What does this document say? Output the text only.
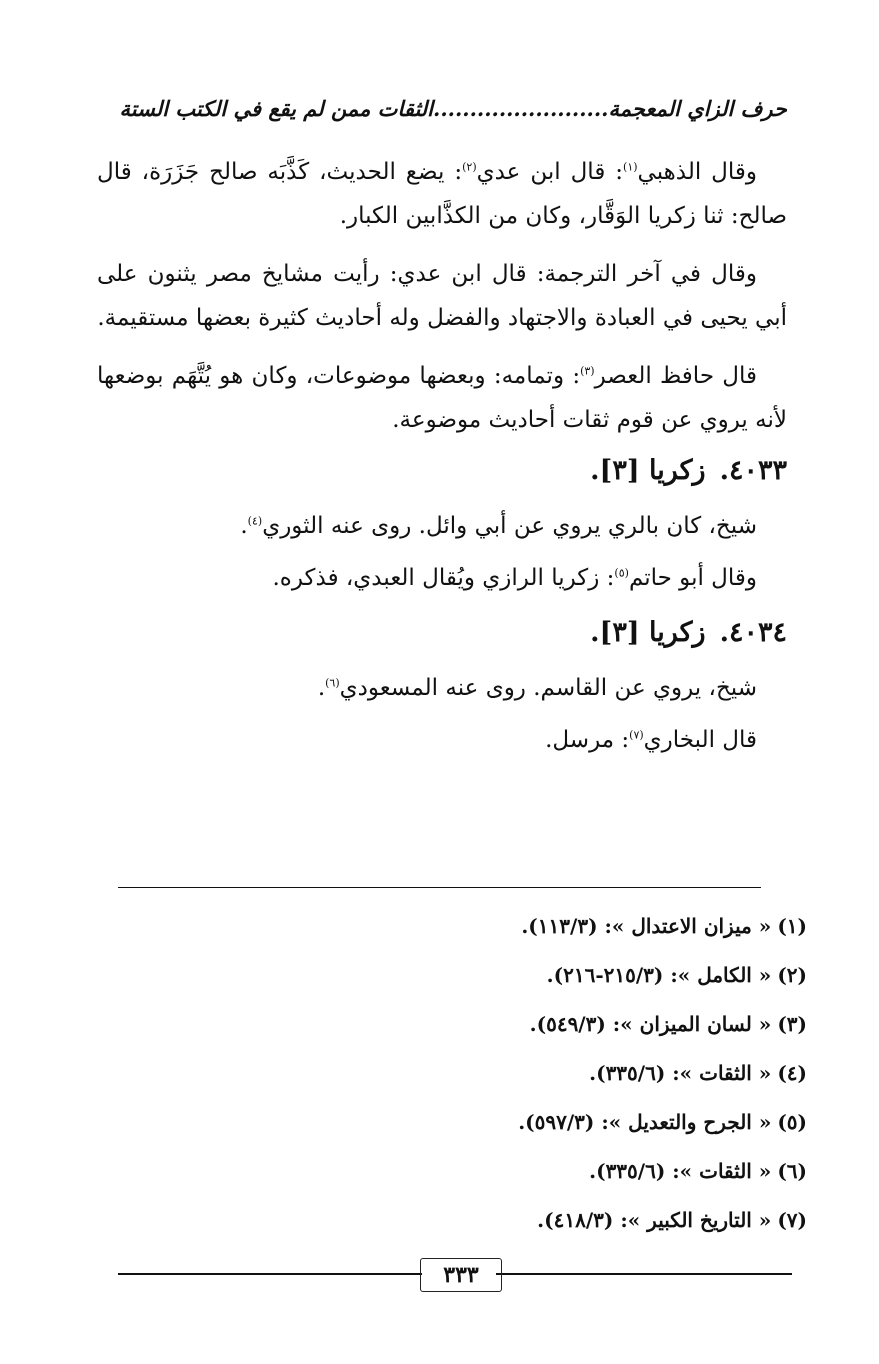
حرف الزاي المعجمة........................الثقات ممن لم يقع في الكتب الستة

وقال الذهبي$^{(١)}$: قال ابن عدي$^{(٢)}$: يضع الحديث، كَذَّبَه صالح جَزَرَة، قال صالح: ثنا زكريا الوَقَّار، وكان من الكذَّابين الكبار.

وقال في آخر الترجمة: قال ابن عدي: رأيت مشايخ مصر يثنون على أبي يحيى في العبادة والاجتهاد والفضل وله أحاديث كثيرة بعضها مستقيمة.

قال حافظ العصر$^{(٣)}$: وتمامه: وبعضها موضوعات، وكان هو يُتَّهَم بوضعها لأنه يروي عن قوم ثقات أحاديث موضوعة.

٤٠٣٣.زكريا [٣].

شيخ، كان بالري يروي عن أبي وائل. روى عنه الثوري$^{(٤)}$.

وقال أبو حاتم$^{(٥)}$: زكريا الرازي ويُقال العبدي، فذكره.

٤٠٣٤.زكريا [٣].

شيخ، يروي عن القاسم. روى عنه المسعودي$^{(٦)}$.

قال البخاري$^{(٧)}$: مرسل.

(١)« ميزان الاعتدال »: (١١٣/٣).
(٢)« الكامل »: (٢١٥/٣-٢١٦).
(٣)« لسان الميزان »: (٥٤٩/٣).
(٤)« الثقات »: (٣٣٥/٦).
(٥)« الجرح والتعديل »: (٥٩٧/٣).
(٦)« الثقات »: (٣٣٥/٦).
(٧)« التاريخ الكبير »: (٤١٨/٣).
٣٣٣
